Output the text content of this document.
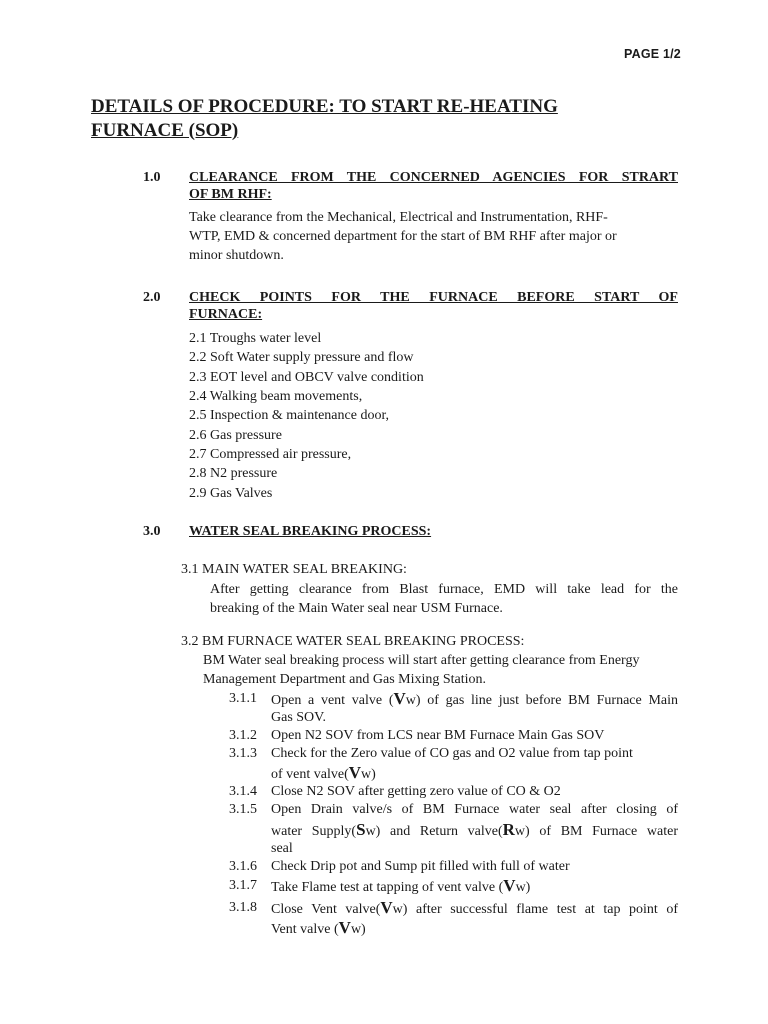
PAGE 1/2
DETAILS OF PROCEDURE: TO START RE-HEATING
FURNACE (SOP)
1.0 CLEARANCE FROM THE CONCERNED AGENCIES FOR STRART
OF BM RHF:
Take clearance from the Mechanical, Electrical and Instrumentation, RHF-
WTP, EMD & concerned department for the start of BM RHF after major or
minor shutdown.
2.0 CHECK POINTS FOR THE FURNACE BEFORE START OF
FURNACE:
2.1 Troughs water level
2.2 Soft Water supply pressure and flow
2.3 EOT level and OBCV valve condition
2.4 Walking beam movements,
2.5 Inspection & maintenance door,
2.6 Gas pressure
2.7 Compressed air pressure,
2.8 N2 pressure
2.9 Gas Valves
3.0 WATER SEAL BREAKING PROCESS:
3.1 MAIN WATER SEAL BREAKING:
After getting clearance from Blast furnace, EMD will take lead for the
breaking of the Main Water seal near USM Furnace.
3.2 BM FURNACE WATER SEAL BREAKING PROCESS:
BM Water seal breaking process will start after getting clearance from Energy
Management Department and Gas Mixing Station.
3.1.1 Open a vent valve (Vw) of gas line just before BM Furnace Main
Gas SOV.
3.1.2 Open N2 SOV from LCS near BM Furnace Main Gas SOV
3.1.3 Check for the Zero value of CO gas and O2 value from tap point
of vent valve(Vw)
3.1.4 Close N2 SOV after getting zero value of CO & O2
3.1.5 Open Drain valve/s of BM Furnace water seal after closing of
water Supply(Sw) and Return valve(Rw) of BM Furnace water
seal
3.1.6 Check Drip pot and Sump pit filled with full of water
3.1.7 Take Flame test at tapping of vent valve (Vw)
3.1.8 Close Vent valve(Vw) after successful flame test at tap point of
Vent valve (Vw)
